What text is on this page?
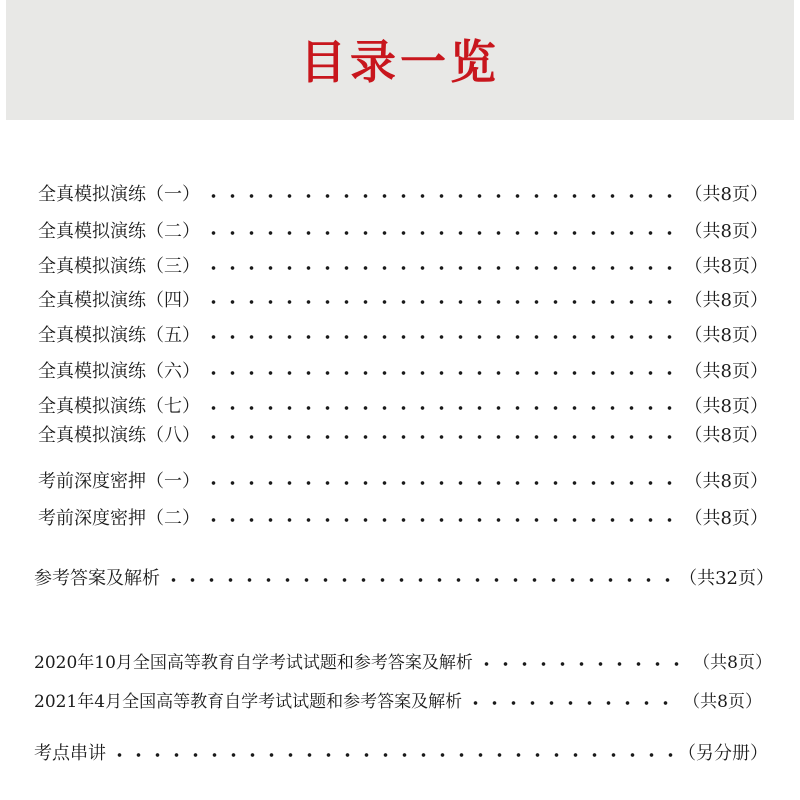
目录一览
全真模拟演练（一）	（共8页）
全真模拟演练（二）	（共8页）
全真模拟演练（三）	（共8页）
全真模拟演练（四）	（共8页）
全真模拟演练（五）	（共8页）
全真模拟演练（六）	（共8页）
全真模拟演练（七）	（共8页）
全真模拟演练（八）	（共8页）
考前深度密押（一）	（共8页）
考前深度密押（二）	（共8页）
参考答案及解析	（共32页）
2020年10月全国高等教育自学考试试题和参考答案及解析	（共8页）
2021年4月全国高等教育自学考试试题和参考答案及解析	（共8页）
考点串讲	（另分册）
